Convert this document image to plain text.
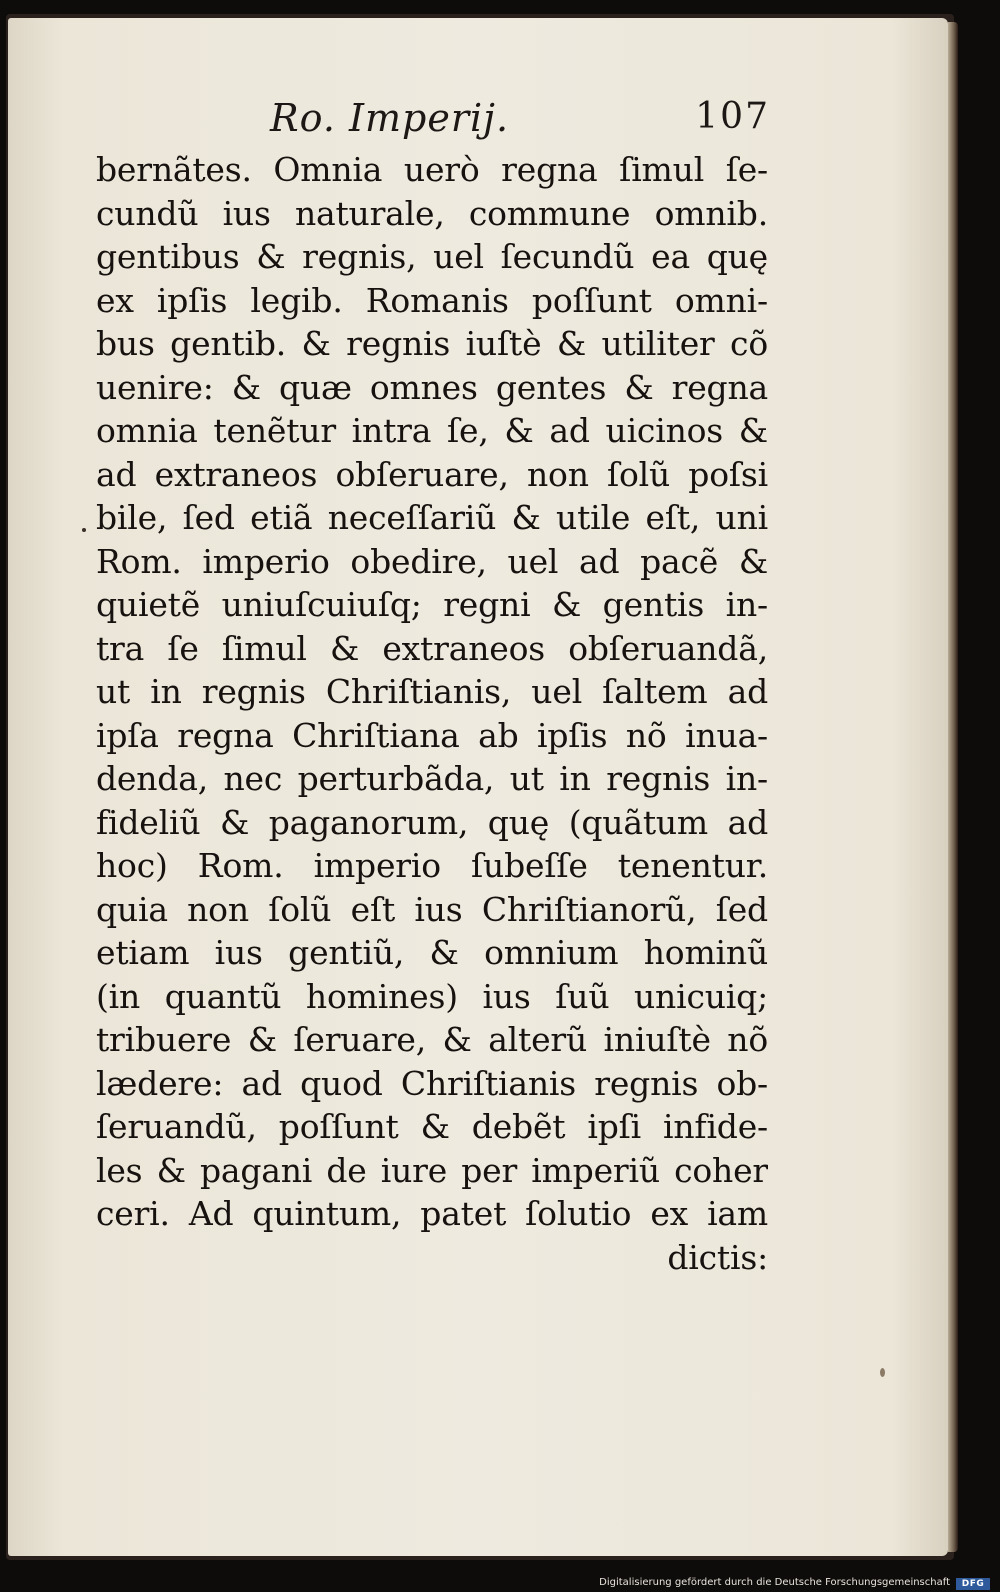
Ro. Imperij.	107
bernãtes. Omnia uerò regna ſimul ſe-
cundũ ius naturale, commune omnib.
gentibus & regnis, uel ſecundũ ea quę
ex ipſis legib. Romanis poſſunt omni-
bus gentib. & regnis iuſtè & utiliter cõ
uenire: & quæ omnes gentes & regna
omnia tenẽtur intra ſe, & ad uicinos &
ad extraneos obſeruare, non ſolũ poſsi
bile, ſed etiã neceſſariũ & utile eſt, uni
Rom. imperio obedire, uel ad pacẽ &
quietẽ uniuſcuiuſq; regni & gentis in-
tra ſe ſimul & extraneos obſeruandã,
ut in regnis Chriſtianis, uel ſaltem ad
ipſa regna Chriſtiana ab ipſis nõ inua-
denda, nec perturbãda, ut in regnis in-
fideliũ & paganorum, quę (quãtum ad
hoc) Rom. imperio ſubeſſe tenentur.
quia non ſolũ eſt ius Chriſtianorũ, ſed
etiam ius gentiũ, & omnium hominũ
(in quantũ homines) ius ſuũ unicuiq;
tribuere & ſeruare, & alterũ iniuſtè nõ
lædere: ad quod Chriſtianis regnis ob-
ſeruandũ, poſſunt & debẽt ipſi infide-
les & pagani de iure per imperiũ coher
ceri. Ad quintum, patet ſolutio ex iam
dictis:
Digitalisierung gefördert durch die Deutsche Forschungsgemeinschaft	DFG
